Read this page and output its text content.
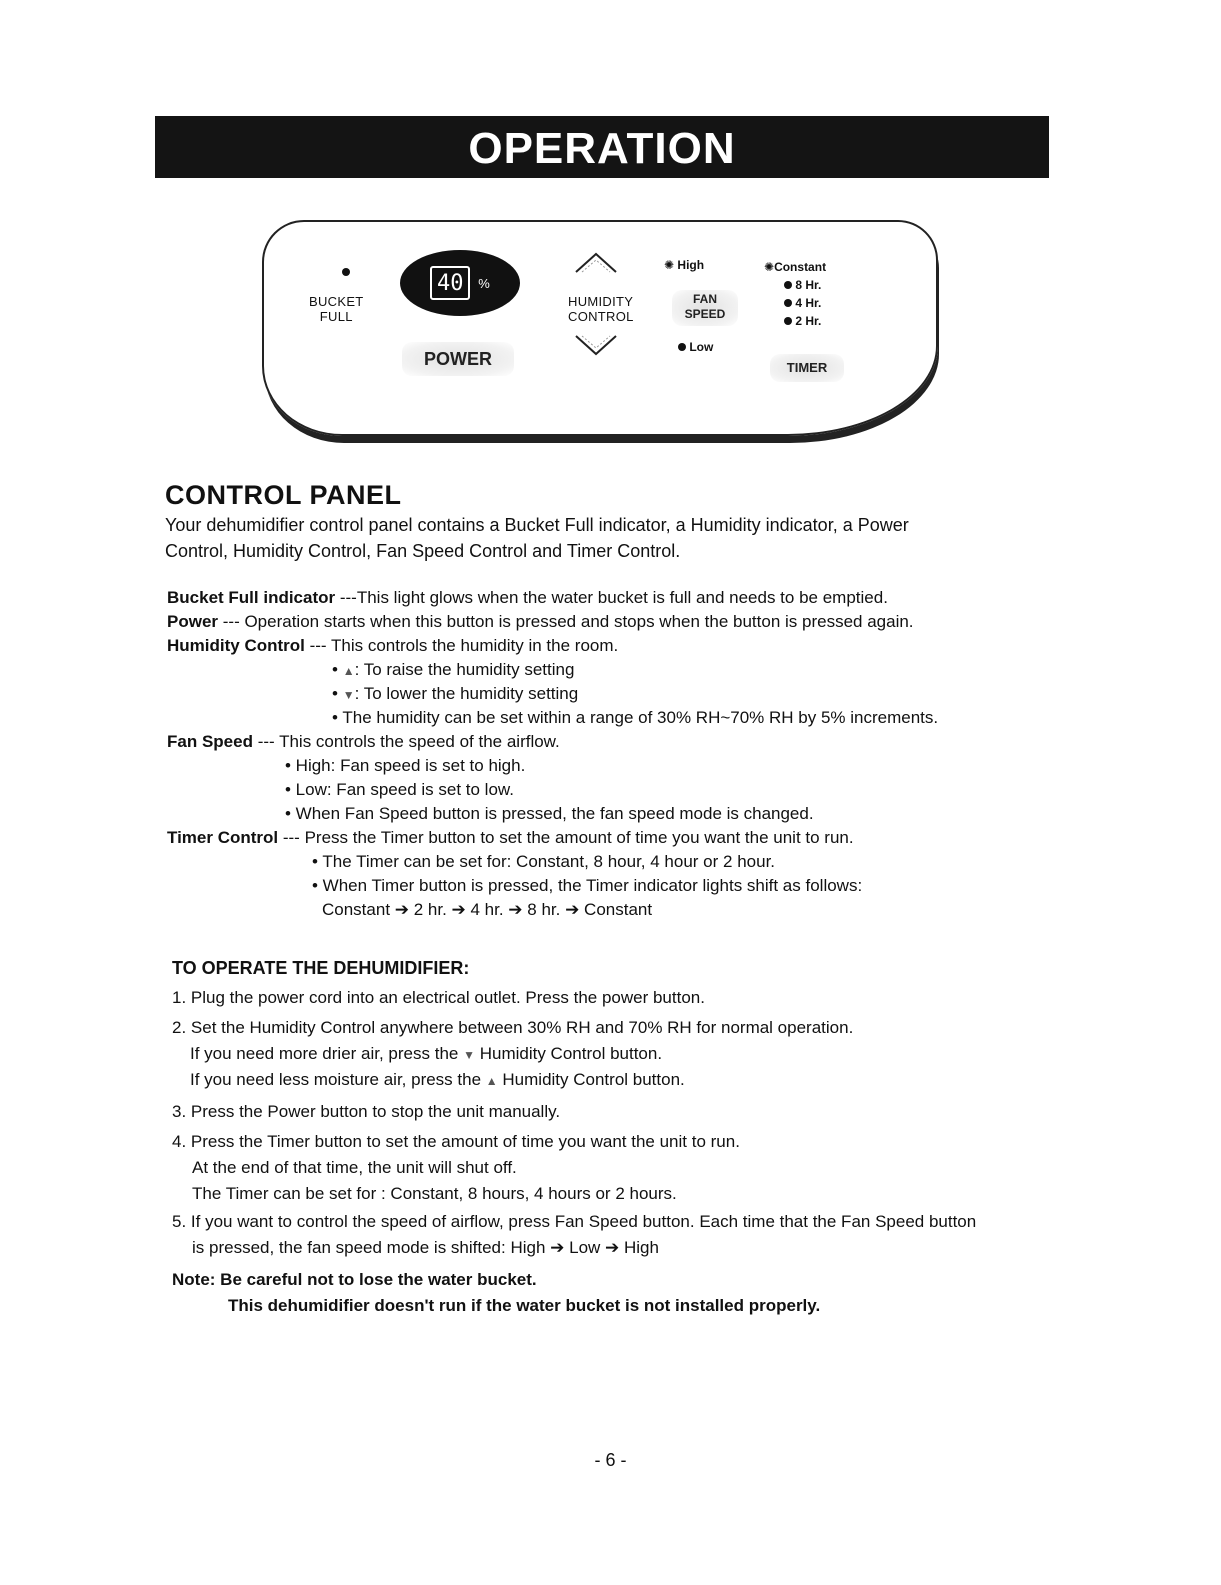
OPERATION
BUCKET
FULL
40	%
POWER
HUMIDITY
CONTROL
✺ High
FAN
SPEED
Low
✺Constant
8 Hr.
4 Hr.
2 Hr.
TIMER
CONTROL PANEL

Your dehumidifier control panel contains a Bucket Full indicator, a Humidity indicator, a Power

Control, Humidity Control, Fan Speed Control and Timer Control.

Bucket Full indicator ---This light glows when the water bucket is full and needs to be emptied.
Power --- Operation starts when this button is pressed and stops when the button is pressed again.
Humidity Control --- This controls the humidity in the room.
• ▲: To raise the humidity setting
• ▼: To lower the humidity setting
• The humidity can be set within a range of 30% RH~70% RH by 5% increments.
Fan Speed --- This controls the speed of the airflow.
• High: Fan speed is set to high.
• Low: Fan speed is set to low.
• When Fan Speed button is pressed, the fan speed mode is changed.
Timer Control --- Press the Timer button to set the amount of time you want the unit to run.
• The Timer can be set for: Constant, 8 hour, 4 hour or 2 hour.
• When Timer button is pressed, the Timer indicator lights shift as follows:
Constant ➔ 2 hr. ➔ 4 hr. ➔ 8 hr. ➔ Constant
TO OPERATE THE DEHUMIDIFIER:
1. Plug the power cord into an electrical outlet. Press the power button.
2. Set the Humidity Control anywhere between 30% RH and 70% RH for normal operation.
If you need more drier air, press the ▼ Humidity Control button.
If you need less moisture air, press the ▲ Humidity Control button.
3. Press the Power button to stop the unit manually.
4. Press the Timer button to set the amount of time you want the unit to run.
At the end of that time, the unit will shut off.
The Timer can be set for : Constant, 8 hours, 4 hours or 2 hours.
5. If you want to control the speed of airflow, press Fan Speed button. Each time that the Fan Speed button
is pressed, the fan speed mode is shifted: High ➔ Low ➔ High
Note: Be careful not to lose the water bucket.
This dehumidifier doesn't run if the water bucket is not installed properly.
- 6 -
